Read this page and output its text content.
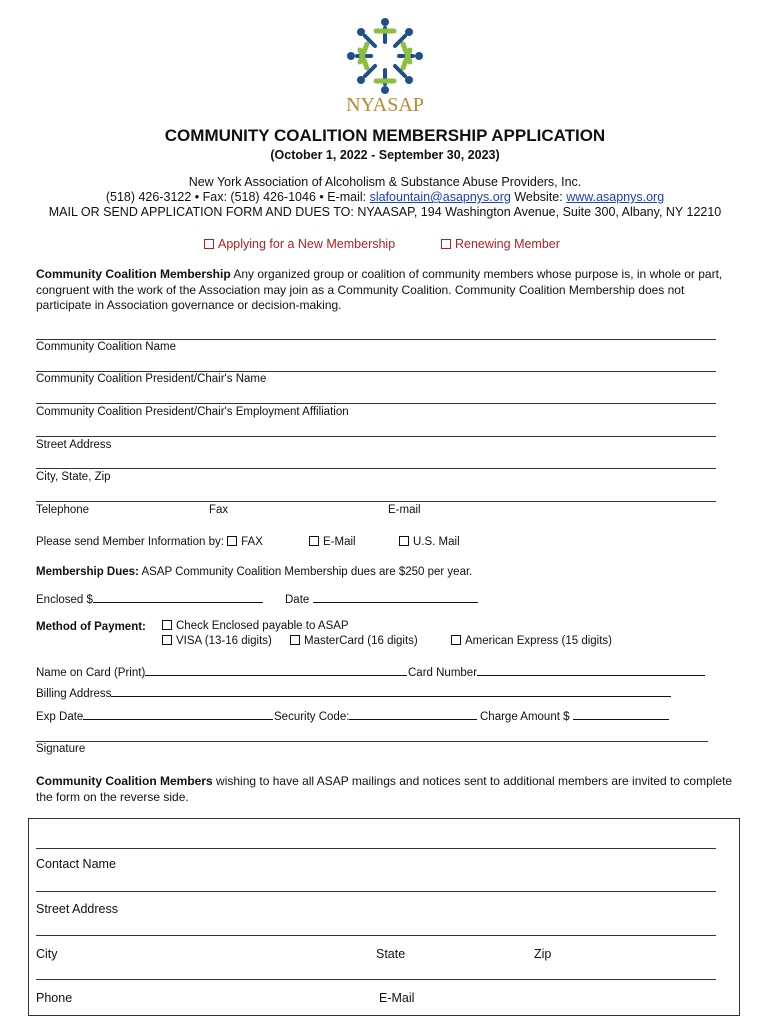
NYASAP
COMMUNITY COALITION MEMBERSHIP APPLICATION
(October 1, 2022 - September 30, 2023)
New York Association of Alcoholism & Substance Abuse Providers, Inc.
(518) 426-3122 • Fax: (518) 426-1046 • E-mail: slafountain@asapnys.org Website: www.asapnys.org
MAIL OR SEND APPLICATION FORM AND DUES TO: NYAASAP, 194 Washington Avenue, Suite 300, Albany, NY 12210
Applying for a New Membership	Renewing Member
Community Coalition Membership Any organized group or coalition of community members whose purpose is, in whole or part, congruent with the work of the Association may join as a Community Coalition. Community Coalition Membership does not participate in Association governance or decision-making.
Community Coalition Name
Community Coalition President/Chair's Name
Community Coalition President/Chair's Employment Affiliation
Street Address
City, State, Zip
Telephone	Fax	E-mail
Please send Member Information by: FAX	E-Mail	U.S. Mail
Membership Dues: ASAP Community Coalition Membership dues are $250 per year.
Enclosed $	Date
Method of Payment:	Check Enclosed payable to ASAP
VISA (13-16 digits)	MasterCard (16 digits)	American Express (15 digits)
Name on Card (Print)	Card Number
Billing Address
Exp Date	Security Code:	Charge Amount $
Signature
Community Coalition Members wishing to have all ASAP mailings and notices sent to additional members are invited to complete the form on the reverse side.
Contact Name
Street Address
City	State	Zip
Phone	E-Mail
